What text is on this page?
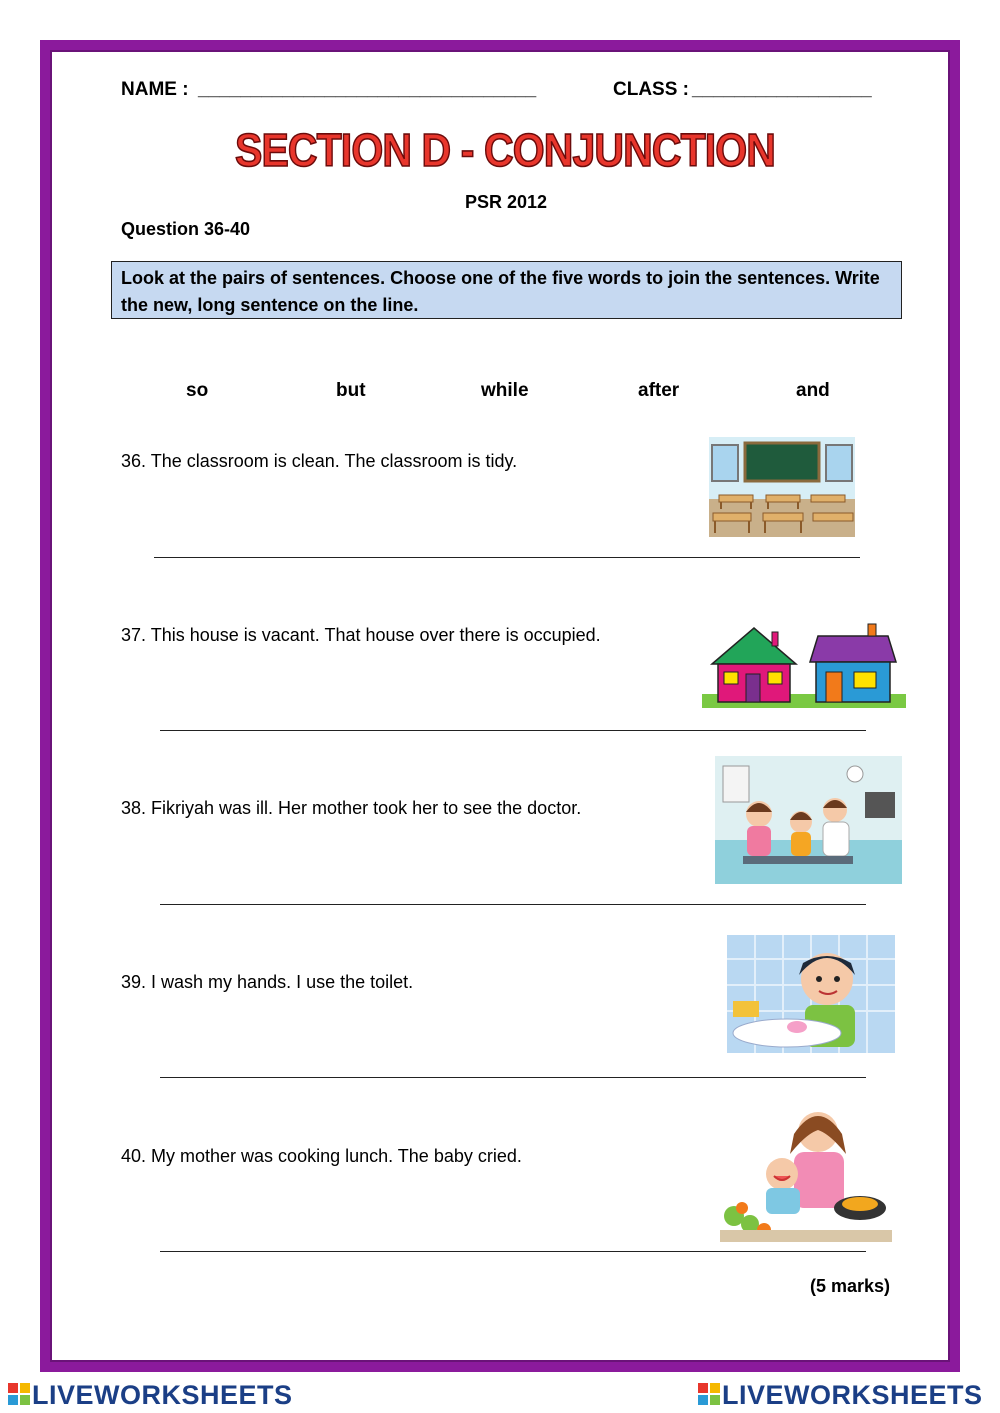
NAME : ________________________________	CLASS : _________________
SECTION D - CONJUNCTION
PSR 2012
Question 36-40
Look at the pairs of sentences. Choose one of the five words to join the sentences. Write the new, long sentence on the line.
so	but	while	after	and
36. The classroom is clean. The classroom is tidy.
37. This house is vacant. That house over there is occupied.
38. Fikriyah was ill. Her mother took her to see the doctor.
39. I wash my hands. I use the toilet.
40. My mother was cooking lunch. The baby cried.
(5 marks)
LIVEWORKSHEETS	LIVEWORKSHEETS
